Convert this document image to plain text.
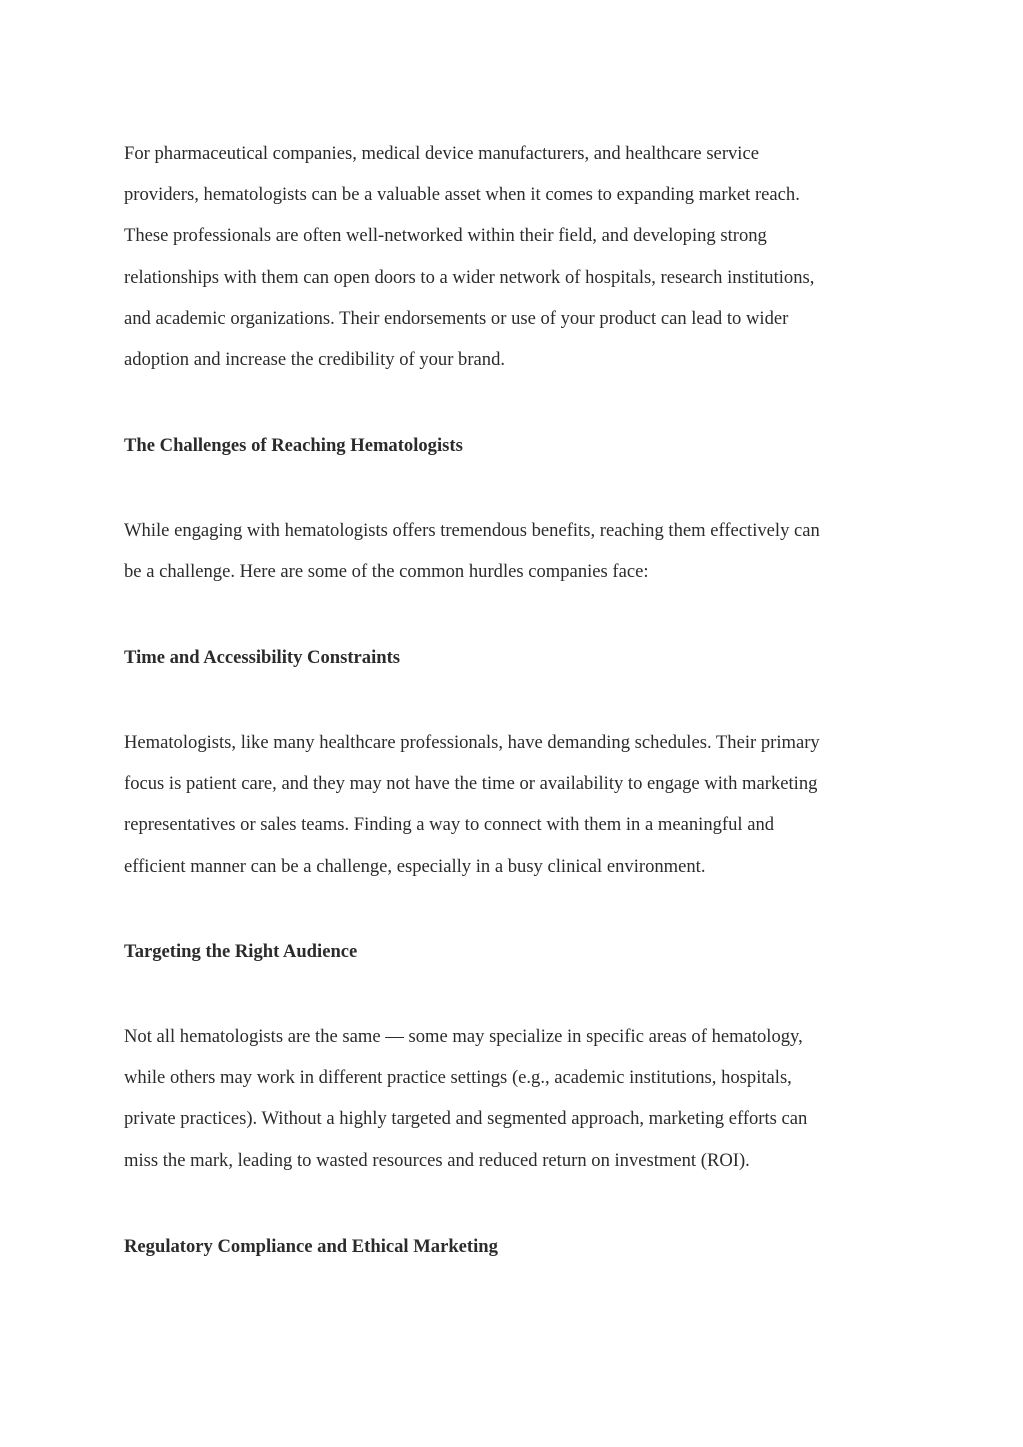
For pharmaceutical companies, medical device manufacturers, and healthcare service
providers, hematologists can be a valuable asset when it comes to expanding market reach.
These professionals are often well-networked within their field, and developing strong
relationships with them can open doors to a wider network of hospitals, research institutions,
and academic organizations. Their endorsements or use of your product can lead to wider
adoption and increase the credibility of your brand.

The Challenges of Reaching Hematologists

While engaging with hematologists offers tremendous benefits, reaching them effectively can
be a challenge. Here are some of the common hurdles companies face:

Time and Accessibility Constraints

Hematologists, like many healthcare professionals, have demanding schedules. Their primary
focus is patient care, and they may not have the time or availability to engage with marketing
representatives or sales teams. Finding a way to connect with them in a meaningful and
efficient manner can be a challenge, especially in a busy clinical environment.

Targeting the Right Audience

Not all hematologists are the same — some may specialize in specific areas of hematology,
while others may work in different practice settings (e.g., academic institutions, hospitals,
private practices). Without a highly targeted and segmented approach, marketing efforts can
miss the mark, leading to wasted resources and reduced return on investment (ROI).

Regulatory Compliance and Ethical Marketing
